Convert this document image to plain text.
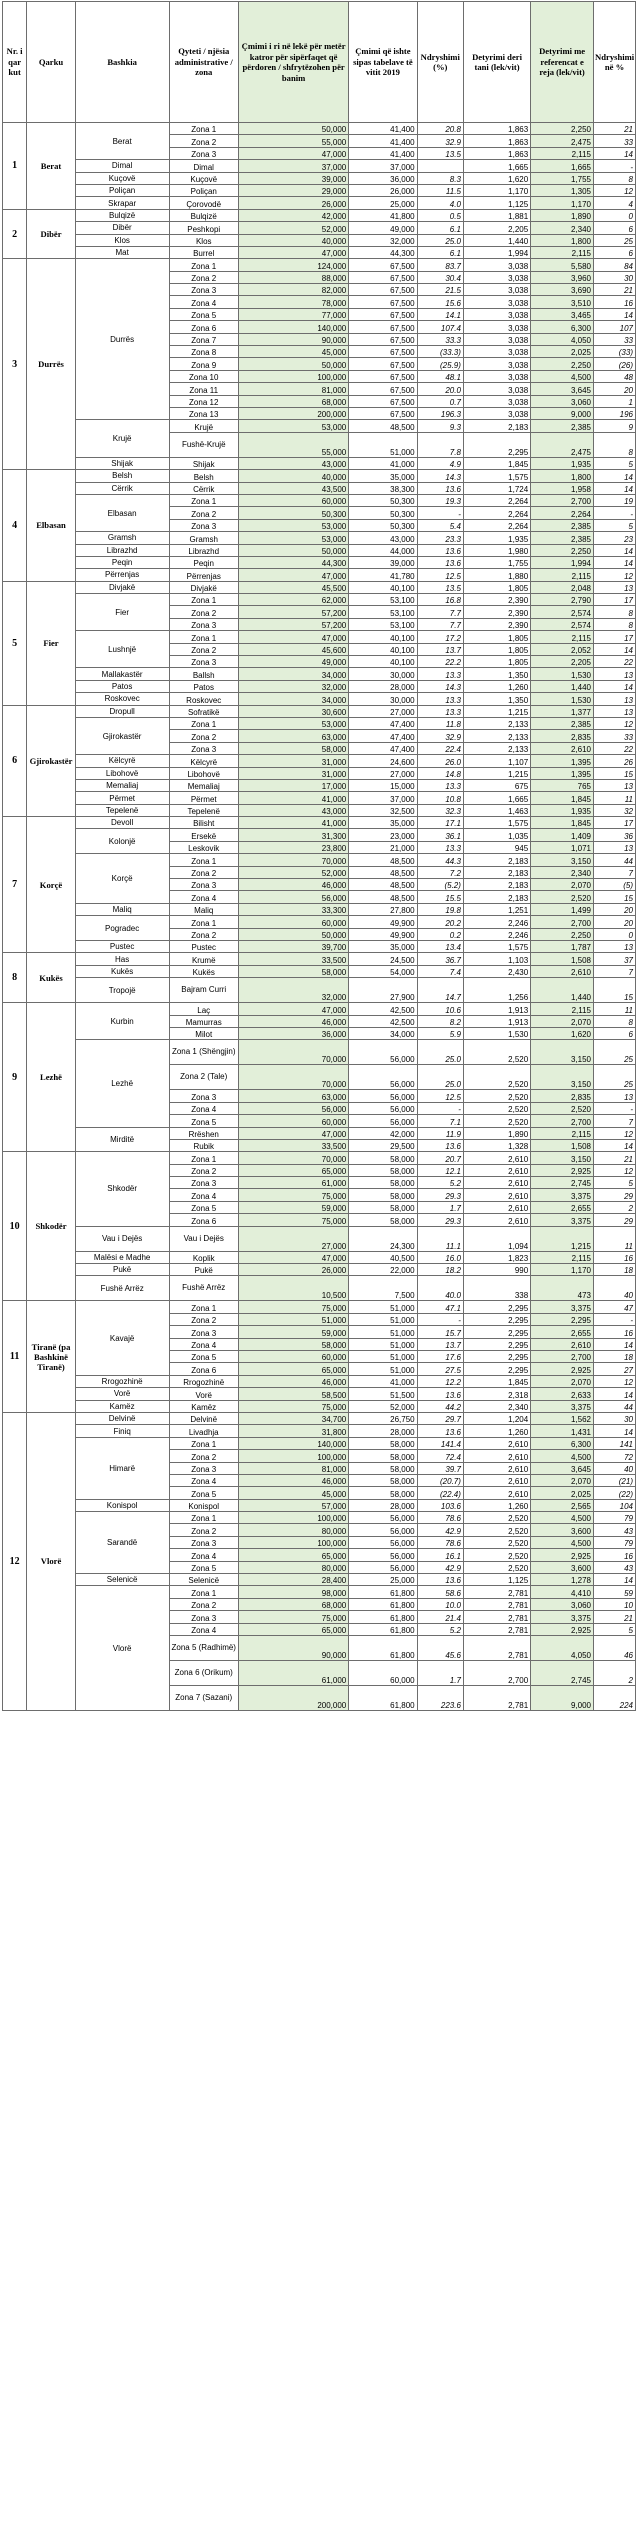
Nr. i qar kut	Qarku	Bashkia	Qyteti / njësia administrative / zona	Çmimi i ri në lekë për metër katror për sipërfaqet që përdoren / shfrytëzohen për banim	Çmimi që ishte sipas tabelave të vitit 2019	Ndryshimi (%)	Detyrimi deri tani (lek/vit)	Detyrimi me referencat e reja (lek/vit)	Ndryshimi në %
1	Berat	Berat	Zona 1	50,000	41,400	20.8	1,863	2,250	21
			Zona 2	55,000	41,400	32.9	1,863	2,475	33
			Zona 3	47,000	41,400	13.5	1,863	2,115	14
		Dimal	Dimal	37,000	37,000		1,665	1,665	-
		Kuçovë	Kuçovë	39,000	36,000	8.3	1,620	1,755	8
		Poliçan	Poliçan	29,000	26,000	11.5	1,170	1,305	12
		Skrapar	Çorovodë	26,000	25,000	4.0	1,125	1,170	4
2	Dibër	Bulqizë	Bulqizë	42,000	41,800	0.5	1,881	1,890	0
		Dibër	Peshkopi	52,000	49,000	6.1	2,205	2,340	6
		Klos	Klos	40,000	32,000	25.0	1,440	1,800	25
		Mat	Burrel	47,000	44,300	6.1	1,994	2,115	6
3	Durrës	Durrës	Zona 1	124,000	67,500	83.7	3,038	5,580	84
			Zona 2	88,000	67,500	30.4	3,038	3,960	30
			Zona 3	82,000	67,500	21.5	3,038	3,690	21
			Zona 4	78,000	67,500	15.6	3,038	3,510	16
			Zona 5	77,000	67,500	14.1	3,038	3,465	14
			Zona 6	140,000	67,500	107.4	3,038	6,300	107
			Zona 7	90,000	67,500	33.3	3,038	4,050	33
			Zona 8	45,000	67,500	(33.3)	3,038	2,025	(33)
			Zona 9	50,000	67,500	(25.9)	3,038	2,250	(26)
			Zona 10	100,000	67,500	48.1	3,038	4,500	48
			Zona 11	81,000	67,500	20.0	3,038	3,645	20
			Zona 12	68,000	67,500	0.7	3,038	3,060	1
			Zona 13	200,000	67,500	196.3	3,038	9,000	196
		Krujë	Krujë	53,000	48,500	9.3	2,183	2,385	9
			Fushë-Krujë	55,000	51,000	7.8	2,295	2,475	8
		Shijak	Shijak	43,000	41,000	4.9	1,845	1,935	5
4	Elbasan	Belsh	Belsh	40,000	35,000	14.3	1,575	1,800	14
		Cërrik	Cërrik	43,500	38,300	13.6	1,724	1,958	14
		Elbasan	Zona 1	60,000	50,300	19.3	2,264	2,700	19
			Zona 2	50,300	50,300	-	2,264	2,264	-
			Zona 3	53,000	50,300	5.4	2,264	2,385	5
		Gramsh	Gramsh	53,000	43,000	23.3	1,935	2,385	23
		Librazhd	Librazhd	50,000	44,000	13.6	1,980	2,250	14
		Peqin	Peqin	44,300	39,000	13.6	1,755	1,994	14
		Përrenjas	Përrenjas	47,000	41,780	12.5	1,880	2,115	12
5	Fier	Divjakë	Divjakë	45,500	40,100	13.5	1,805	2,048	13
		Fier	Zona 1	62,000	53,100	16.8	2,390	2,790	17
			Zona 2	57,200	53,100	7.7	2,390	2,574	8
			Zona 3	57,200	53,100	7.7	2,390	2,574	8
		Lushnjë	Zona 1	47,000	40,100	17.2	1,805	2,115	17
			Zona 2	45,600	40,100	13.7	1,805	2,052	14
			Zona 3	49,000	40,100	22.2	1,805	2,205	22
		Mallakastër	Ballsh	34,000	30,000	13.3	1,350	1,530	13
		Patos	Patos	32,000	28,000	14.3	1,260	1,440	14
		Roskovec	Roskovec	34,000	30,000	13.3	1,350	1,530	13
6	Gjirokastër	Dropull	Sofratikë	30,600	27,000	13.3	1,215	1,377	13
		Gjirokastër	Zona 1	53,000	47,400	11.8	2,133	2,385	12
			Zona 2	63,000	47,400	32.9	2,133	2,835	33
			Zona 3	58,000	47,400	22.4	2,133	2,610	22
		Këlcyrë	Këlcyrë	31,000	24,600	26.0	1,107	1,395	26
		Libohovë	Libohovë	31,000	27,000	14.8	1,215	1,395	15
		Memaliaj	Memaliaj	17,000	15,000	13.3	675	765	13
		Përmet	Përmet	41,000	37,000	10.8	1,665	1,845	11
		Tepelenë	Tepelenë	43,000	32,500	32.3	1,463	1,935	32
7	Korçë	Devoll	Bilisht	41,000	35,000	17.1	1,575	1,845	17
		Kolonjë	Ersekë	31,300	23,000	36.1	1,035	1,409	36
			Leskovik	23,800	21,000	13.3	945	1,071	13
		Korçë	Zona 1	70,000	48,500	44.3	2,183	3,150	44
			Zona 2	52,000	48,500	7.2	2,183	2,340	7
			Zona 3	46,000	48,500	(5.2)	2,183	2,070	(5)
			Zona 4	56,000	48,500	15.5	2,183	2,520	15
		Maliq	Maliq	33,300	27,800	19.8	1,251	1,499	20
		Pogradec	Zona 1	60,000	49,900	20.2	2,246	2,700	20
			Zona 2	50,000	49,900	0.2	2,246	2,250	0
		Pustec	Pustec	39,700	35,000	13.4	1,575	1,787	13
8	Kukës	Has	Krumë	33,500	24,500	36.7	1,103	1,508	37
		Kukës	Kukës	58,000	54,000	7.4	2,430	2,610	7
		Tropojë	Bajram Curri	32,000	27,900	14.7	1,256	1,440	15
9	Lezhë	Kurbin	Laç	47,000	42,500	10.6	1,913	2,115	11
			Mamurras	46,000	42,500	8.2	1,913	2,070	8
			Milot	36,000	34,000	5.9	1,530	1,620	6
		Lezhë	Zona 1 (Shëngjin)	70,000	56,000	25.0	2,520	3,150	25
			Zona 2 (Tale)	70,000	56,000	25.0	2,520	3,150	25
			Zona 3	63,000	56,000	12.5	2,520	2,835	13
			Zona 4	56,000	56,000	-	2,520	2,520	-
			Zona 5	60,000	56,000	7.1	2,520	2,700	7
		Mirditë	Rrëshen	47,000	42,000	11.9	1,890	2,115	12
			Rubik	33,500	29,500	13.6	1,328	1,508	14
10	Shkodër	Shkodër	Zona 1	70,000	58,000	20.7	2,610	3,150	21
			Zona 2	65,000	58,000	12.1	2,610	2,925	12
			Zona 3	61,000	58,000	5.2	2,610	2,745	5
			Zona 4	75,000	58,000	29.3	2,610	3,375	29
			Zona 5	59,000	58,000	1.7	2,610	2,655	2
			Zona 6	75,000	58,000	29.3	2,610	3,375	29
		Vau i Dejës	Vau i Dejës	27,000	24,300	11.1	1,094	1,215	11
		Malësi e Madhe	Koplik	47,000	40,500	16.0	1,823	2,115	16
		Pukë	Pukë	26,000	22,000	18.2	990	1,170	18
		Fushë Arrëz	Fushë Arrëz	10,500	7,500	40.0	338	473	40
11	Tiranë (pa Bashkinë Tiranë)	Kavajë	Zona 1	75,000	51,000	47.1	2,295	3,375	47
			Zona 2	51,000	51,000	-	2,295	2,295	-
			Zona 3	59,000	51,000	15.7	2,295	2,655	16
			Zona 4	58,000	51,000	13.7	2,295	2,610	14
			Zona 5	60,000	51,000	17.6	2,295	2,700	18
			Zona 6	65,000	51,000	27.5	2,295	2,925	27
		Rrogozhinë	Rrogozhinë	46,000	41,000	12.2	1,845	2,070	12
		Vorë	Vorë	58,500	51,500	13.6	2,318	2,633	14
		Kamëz	Kamëz	75,000	52,000	44.2	2,340	3,375	44
12	Vlorë	Delvinë	Delvinë	34,700	26,750	29.7	1,204	1,562	30
		Finiq	Livadhja	31,800	28,000	13.6	1,260	1,431	14
		Himarë	Zona 1	140,000	58,000	141.4	2,610	6,300	141
			Zona 2	100,000	58,000	72.4	2,610	4,500	72
			Zona 3	81,000	58,000	39.7	2,610	3,645	40
			Zona 4	46,000	58,000	(20.7)	2,610	2,070	(21)
			Zona 5	45,000	58,000	(22.4)	2,610	2,025	(22)
		Konispol	Konispol	57,000	28,000	103.6	1,260	2,565	104
		Sarandë	Zona 1	100,000	56,000	78.6	2,520	4,500	79
			Zona 2	80,000	56,000	42.9	2,520	3,600	43
			Zona 3	100,000	56,000	78.6	2,520	4,500	79
			Zona 4	65,000	56,000	16.1	2,520	2,925	16
			Zona 5	80,000	56,000	42.9	2,520	3,600	43
		Selenicë	Selenicë	28,400	25,000	13.6	1,125	1,278	14
		Vlorë	Zona 1	98,000	61,800	58.6	2,781	4,410	59
			Zona 2	68,000	61,800	10.0	2,781	3,060	10
			Zona 3	75,000	61,800	21.4	2,781	3,375	21
			Zona 4	65,000	61,800	5.2	2,781	2,925	5
			Zona 5 (Radhimë)	90,000	61,800	45.6	2,781	4,050	46
			Zona 6 (Orikum)	61,000	60,000	1.7	2,700	2,745	2
			Zona 7 (Sazani)	200,000	61,800	223.6	2,781	9,000	224
